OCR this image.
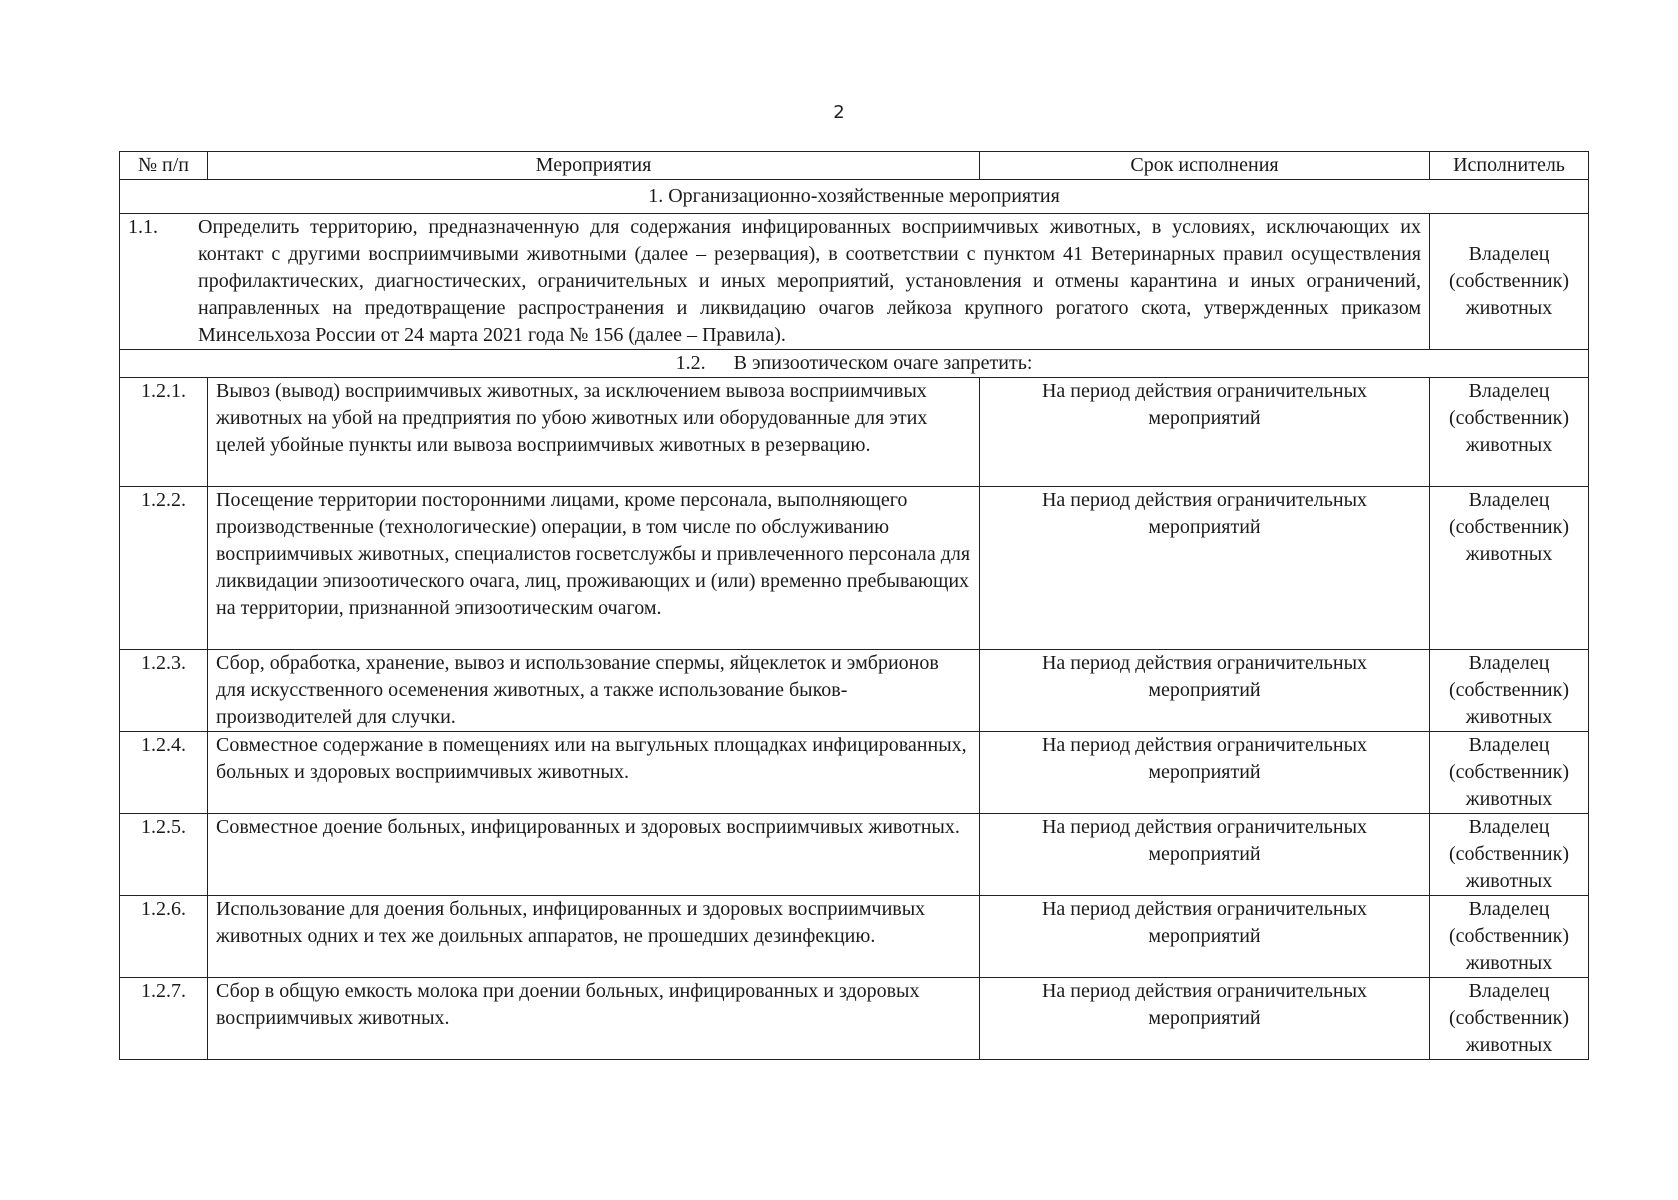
2
№ п/п	Мероприятия	Срок исполнения	Исполнитель
1. Организационно-хозяйственные мероприятия			

1.1. Определить территорию, предназначенную для содержания инфицированных восприимчивых животных, в условиях, исключающих их контакт с другими восприимчивыми животными (далее – резервация), в соответствии с пунктом 41 Ветеринарных правил осуществления профилактических, диагностических, ограничительных и иных мероприятий, установления и отмены карантина и иных ограничений, направленных на предотвращение распространения и ликвидацию очагов лейкоза крупного рогатого скота, утвержденных приказом Минсельхоза России от 24 марта 2021 года № 156 (далее – Правила).			Владелец (собственник) животных
1.2. В эпизоотическом очаге запретить:			
1.2.1.	Вывоз (вывод) восприимчивых животных, за исключением вывоза восприимчивых животных на убой на предприятия по убою животных или оборудованные для этих целей убойные пункты или вывоза восприимчивых животных в резервацию.	На период действия ограничительных мероприятий	Владелец (собственник) животных
1.2.2.	Посещение территории посторонними лицами, кроме персонала, выполняющего производственные (технологические) операции, в том числе по обслуживанию восприимчивых животных, специалистов госветслужбы и привлеченного персонала для ликвидации эпизоотического очага, лиц, проживающих и (или) временно пребывающих на территории, признанной эпизоотическим очагом.	На период действия ограничительных мероприятий	Владелец (собственник) животных
1.2.3.	Сбор, обработка, хранение, вывоз и использование спермы, яйцеклеток и эмбрионов для искусственного осеменения животных, а также использование быков-производителей для случки.	На период действия ограничительных мероприятий	Владелец (собственник) животных
1.2.4.	Совместное содержание в помещениях или на выгульных площадках инфицированных, больных и здоровых восприимчивых животных.	На период действия ограничительных мероприятий	Владелец (собственник) животных
1.2.5.	Совместное доение больных, инфицированных и здоровых восприимчивых животных.	На период действия ограничительных мероприятий	Владелец (собственник) животных
1.2.6.	Использование для доения больных, инфицированных и здоровых восприимчивых животных одних и тех же доильных аппаратов, не прошедших дезинфекцию.	На период действия ограничительных мероприятий	Владелец (собственник) животных
1.2.7.	Сбор в общую емкость молока при доении больных, инфицированных и здоровых восприимчивых животных.	На период действия ограничительных мероприятий	Владелец (собственник) животных
